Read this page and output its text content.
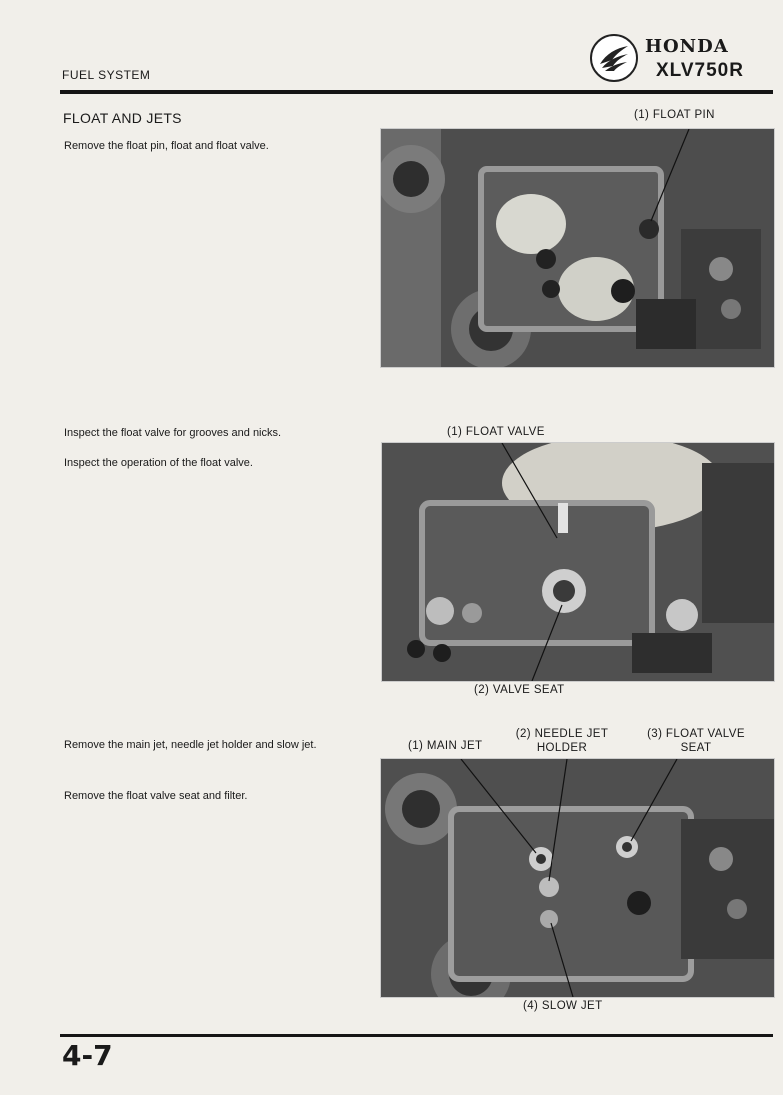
FUEL SYSTEM
HONDA
XLV750R
FLOAT AND JETS
Remove the float pin, float and float valve.
(1) FLOAT PIN
Inspect the float valve for grooves and nicks.
Inspect the operation of the float valve.
(1) FLOAT VALVE
(2) VALVE SEAT
Remove the main jet, needle jet holder and slow jet.
Remove the float valve seat and filter.
(1) MAIN JET
(2) NEEDLE JET
HOLDER
(3) FLOAT VALVE
SEAT
(4) SLOW JET
4-7
